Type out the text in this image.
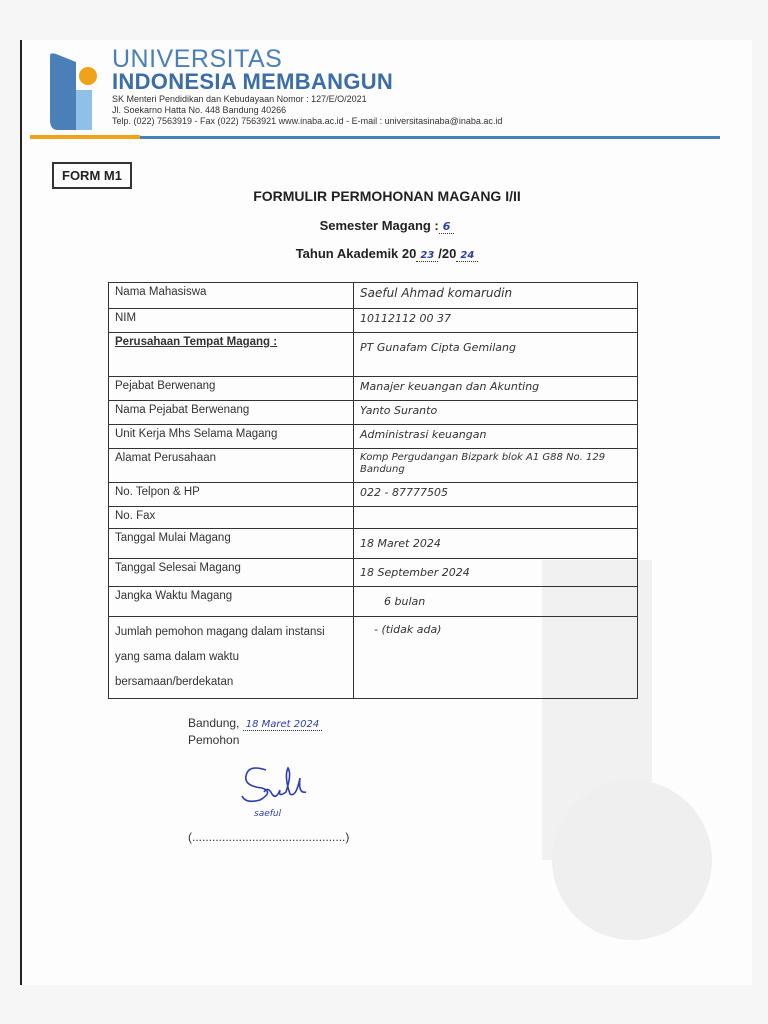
UNIVERSITAS
INDONESIA MEMBANGUN
SK Menteri Pendidikan dan Kebudayaan Nomor : 127/E/O/2021
Jl. Soekarno Hatta No. 448 Bandung 40266
Telp. (022) 7563919 - Fax (022) 7563921 www.inaba.ac.id - E-mail : universitasinaba@inaba.ac.id
FORM M1
FORMULIR PERMOHONAN MAGANG I/II
Semester Magang : 6
Tahun Akademik 20 23 /20 24
Nama Mahasiswa	Saeful Ahmad komarudin
NIM	10112112 00 37
Perusahaan Tempat Magang :	PT Gunafam Cipta Gemilang
Pejabat Berwenang	Manajer keuangan dan Akunting
Nama Pejabat Berwenang	Yanto Suranto
Unit Kerja Mhs Selama Magang	Administrasi keuangan
Alamat Perusahaan	Komp Pergudangan Bizpark blok A1 G88 No. 129 Bandung
No. Telpon & HP	022 - 87777505
No. Fax	
Tanggal Mulai Magang	18 Maret 2024
Tanggal Selesai Magang	18 September 2024
Jangka Waktu Magang	6 bulan
Jumlah pemohon magang dalam instansi yang sama dalam waktu bersamaan/berdekatan	- (tidak ada)
Bandung, 18 Maret 2024
Pemohon
saeful
(..............................................)
